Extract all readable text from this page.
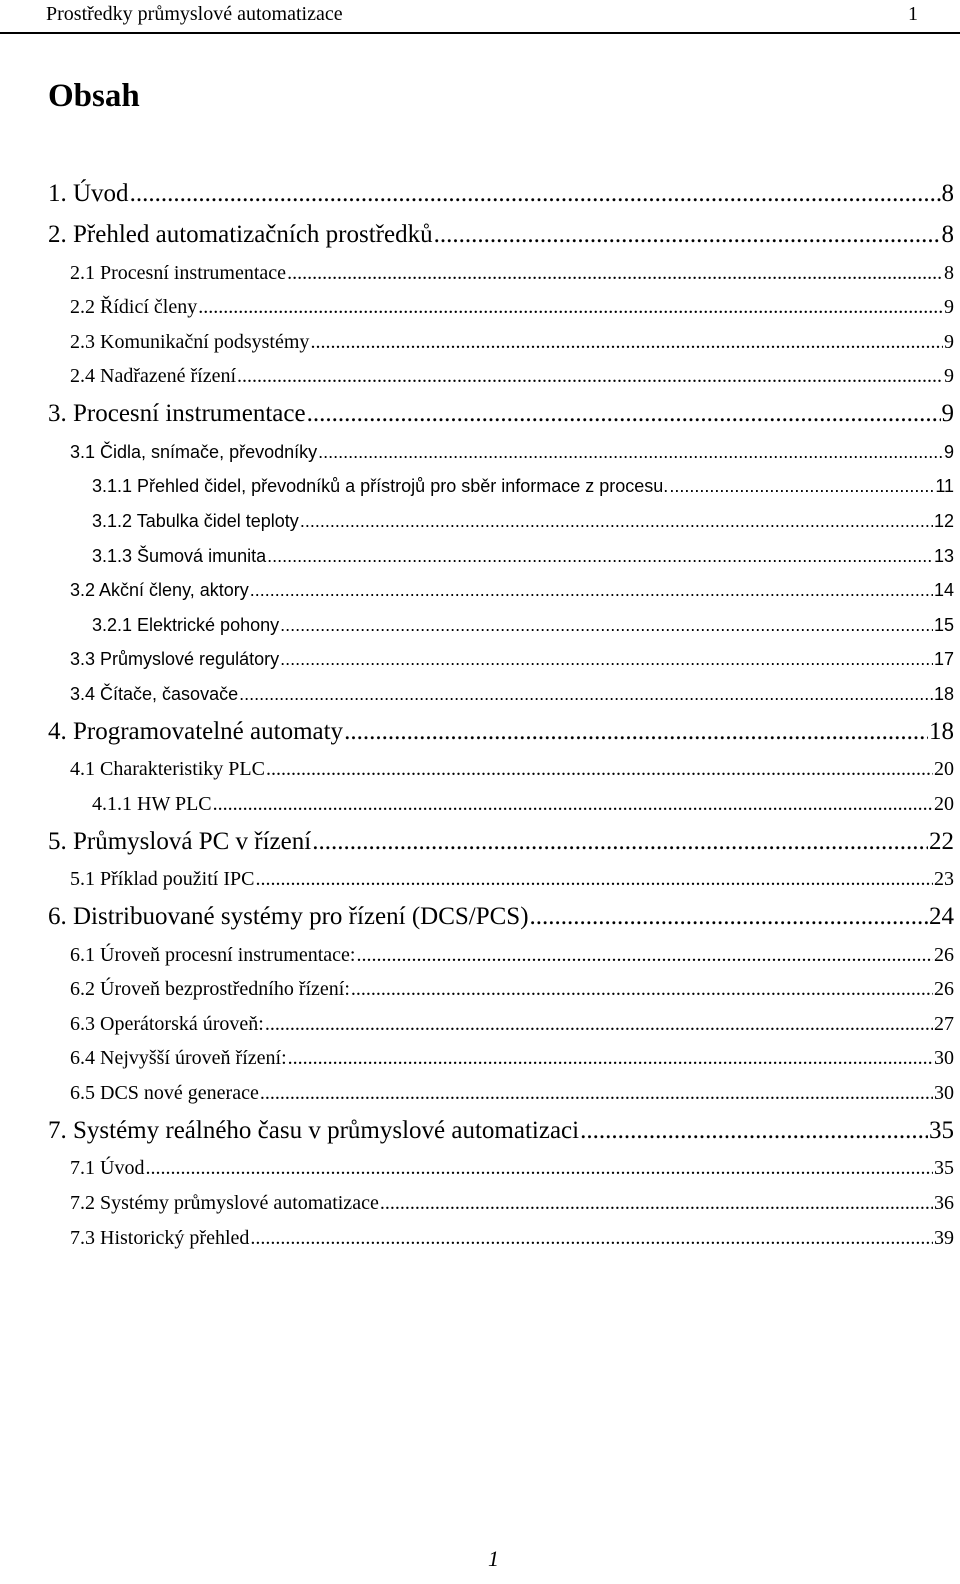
Prostředky průmyslové automatizace	1
Obsah
1. Úvod .....	8
2. Přehled automatizačních prostředků .....	8
2.1 Procesní instrumentace .....	8
2.2 Řídicí členy .....	9
2.3 Komunikační podsystémy .....	9
2.4 Nadřazené řízení .....	9
3. Procesní instrumentace .....	9
3.1 Čidla, snímače, převodníky .....	9
3.1.1 Přehled čidel, převodníků a přístrojů pro sběr informace z procesu. .....	11
3.1.2 Tabulka čidel teploty .....	12
3.1.3 Šumová imunita .....	13
3.2 Akční členy, aktory .....	14
3.2.1 Elektrické pohony .....	15
3.3 Průmyslové regulátory .....	17
3.4 Čítače, časovače .....	18
4. Programovatelné automaty .....	18
4.1 Charakteristiky PLC .....	20
4.1.1 HW PLC .....	20
5. Průmyslová PC v řízení .....	22
5.1 Příklad použití IPC .....	23
6. Distribuované systémy pro řízení (DCS/PCS) .....	24
6.1 Úroveň procesní instrumentace: .....	26
6.2 Úroveň bezprostředního řízení: .....	26
6.3 Operátorská úroveň: .....	27
6.4 Nejvyšší úroveň řízení: .....	30
6.5 DCS nové generace .....	30
7. Systémy reálného času v průmyslové automatizaci .....	35
7.1 Úvod .....	35
7.2 Systémy průmyslové automatizace .....	36
7.3 Historický přehled .....	39
1
